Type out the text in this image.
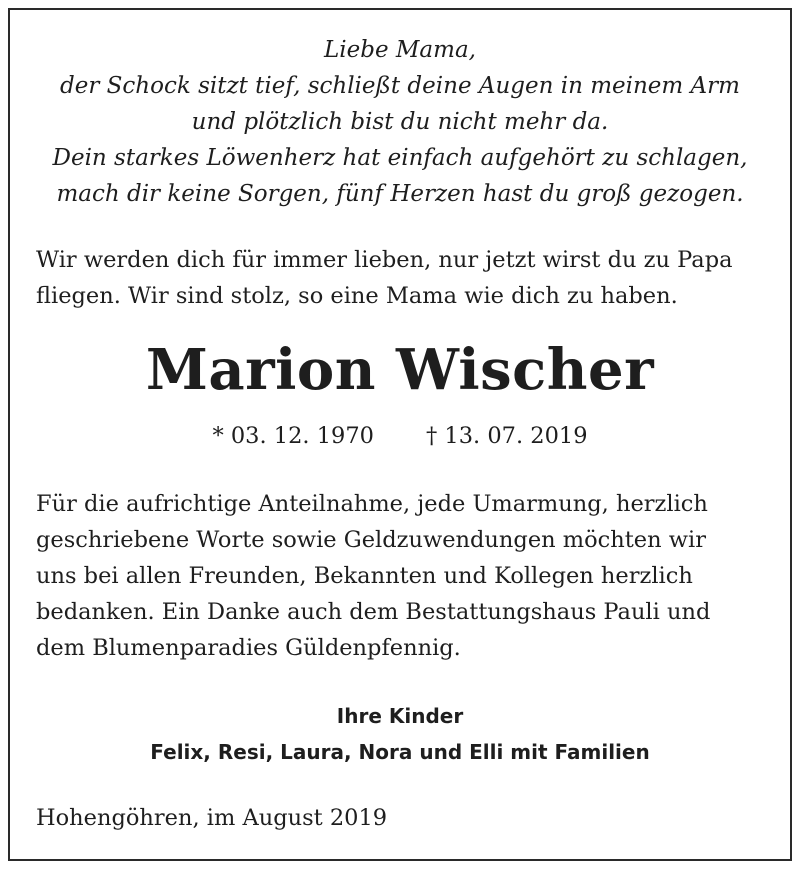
Liebe Mama,
der Schock sitzt tief, schließt deine Augen in meinem Arm
und plötzlich bist du nicht mehr da.
Dein starkes Löwenherz hat einfach aufgehört zu schlagen,
mach dir keine Sorgen, fünf Herzen hast du groß gezogen.
Wir werden dich für immer lieben, nur jetzt wirst du zu Papa
fliegen. Wir sind stolz, so eine Mama wie dich zu haben.
Marion Wischer
* 03. 12. 1970 † 13. 07. 2019
Für die aufrichtige Anteilnahme, jede Umarmung, herzlich
geschriebene Worte sowie Geldzuwendungen möchten wir
uns bei allen Freunden, Bekannten und Kollegen herzlich
bedanken. Ein Danke auch dem Bestattungshaus Pauli und
dem Blumenparadies Güldenpfennig.
Ihre Kinder
Felix, Resi, Laura, Nora und Elli mit Familien
Hohengöhren, im August 2019
